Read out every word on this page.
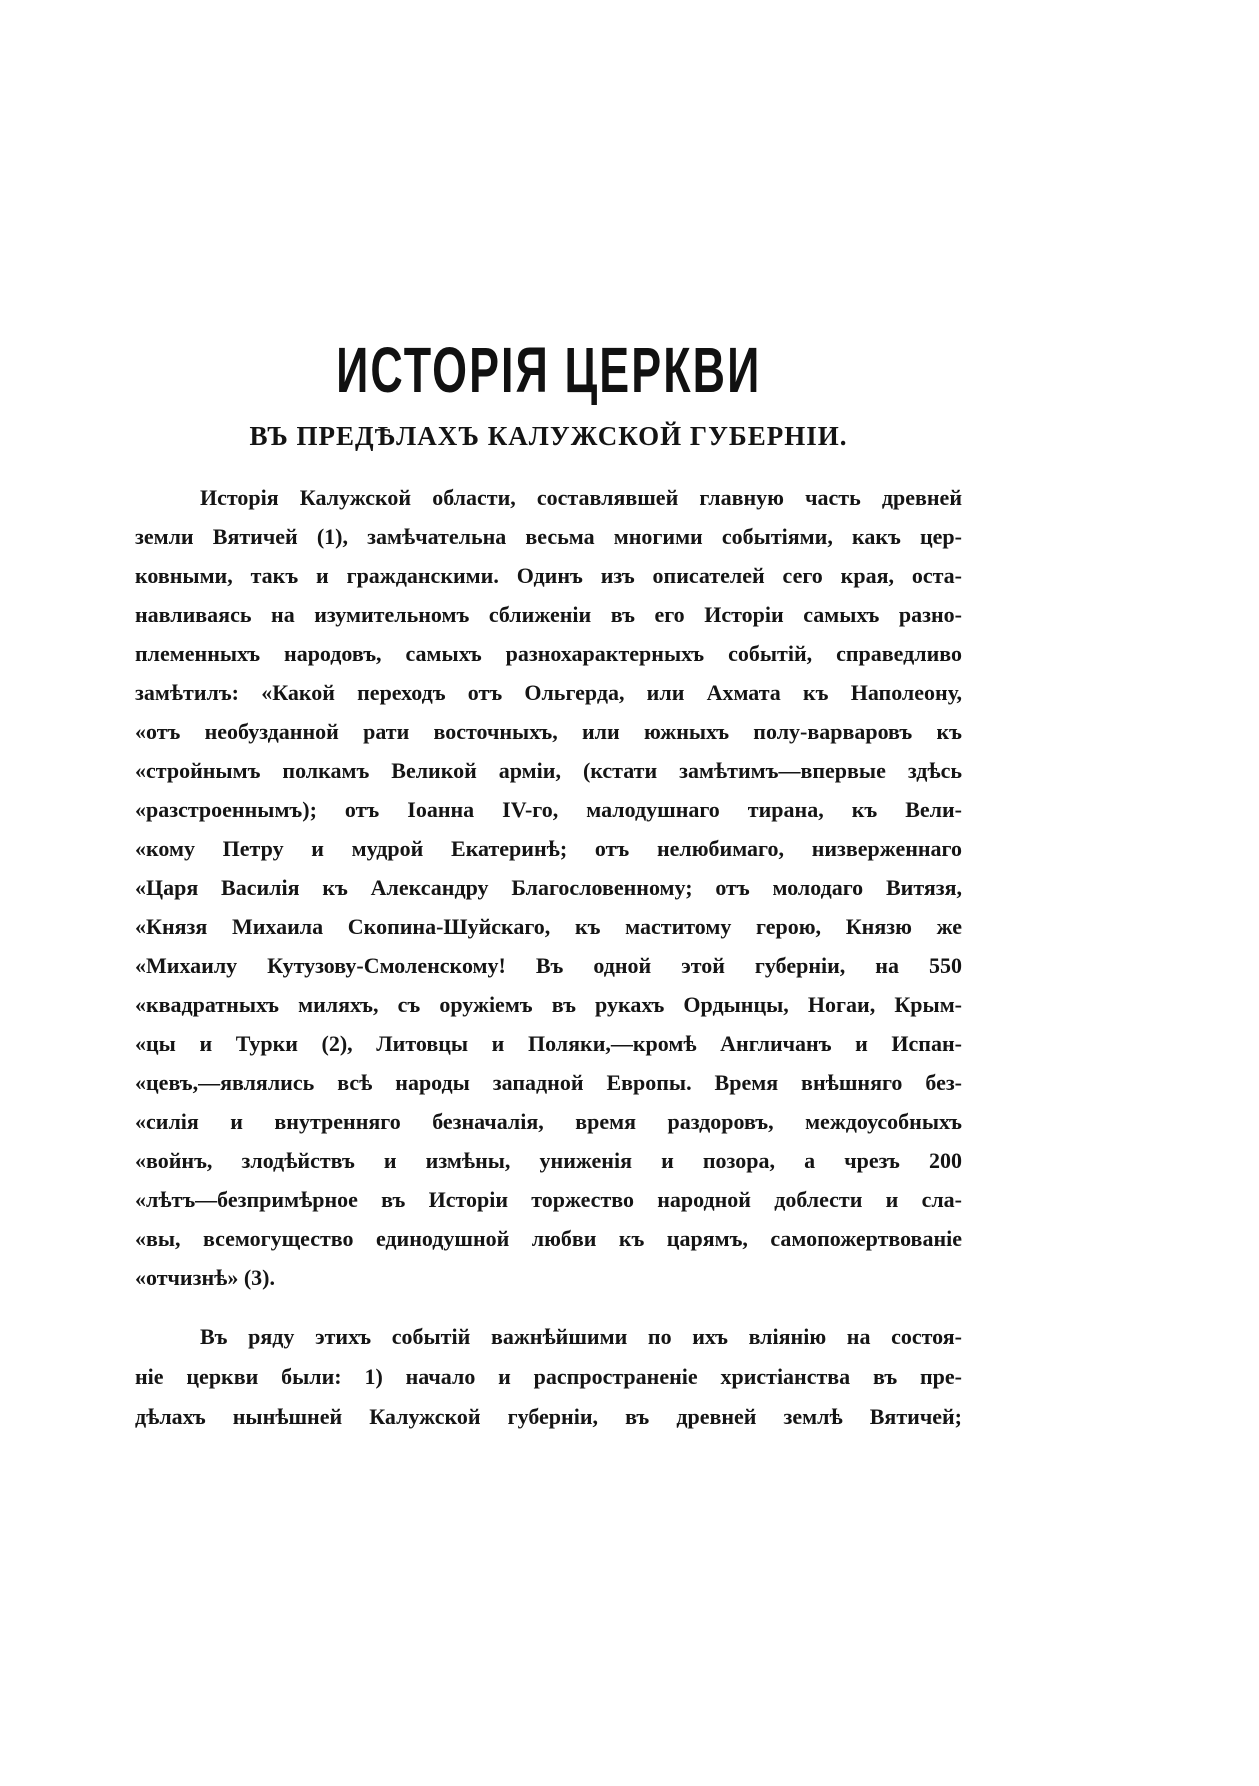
ИСТОРІЯ ЦЕРКВИ
ВЪ ПРЕДѢЛАХЪ КАЛУЖСКОЙ ГУБЕРНІИ.
Исторія Калужской области, составлявшей главную часть древней
земли Вятичей (1), замѣчательна весьма многими событіями, какъ цер-
ковными, такъ и гражданскими. Одинъ изъ описателей сего края, оста-
навливаясь на изумительномъ сближеніи въ его Исторіи самыхъ разно-
племенныхъ народовъ, самыхъ разнохарактерныхъ событій, справедливо
замѣтилъ: «Какой переходъ отъ Ольгерда, или Ахмата къ Наполеону,
«отъ необузданной рати восточныхъ, или южныхъ полу-варваровъ къ
«стройнымъ полкамъ Великой арміи, (кстати замѣтимъ—впервые здѣсь
«разстроеннымъ); отъ Іоанна IV-го, малодушнаго тирана, къ Вели-
«кому Петру и мудрой Екатеринѣ; отъ нелюбимаго, низверженнаго
«Царя Василія къ Александру Благословенному; отъ молодаго Витязя,
«Князя Михаила Скопина-Шуйскаго, къ маститому герою, Князю же
«Михаилу Кутузову-Смоленскому! Въ одной этой губерніи, на 550
«квадратныхъ миляхъ, съ оружіемъ въ рукахъ Ордынцы, Ногаи, Крым-
«цы и Турки (2), Литовцы и Поляки,—кромѣ Англичанъ и Испан-
«цевъ,—являлись всѣ народы западной Европы. Время внѣшняго без-
«силія и внутренняго безначалія, время раздоровъ, междоусобныхъ
«войнъ, злодѣйствъ и измѣны, униженія и позора, а чрезъ 200
«лѣтъ—безпримѣрное въ Исторіи торжество народной доблести и сла-
«вы, всемогущество единодушной любви къ царямъ, самопожертвованіе
«отчизнѣ» (3).
Въ ряду этихъ событій важнѣйшими по ихъ вліянію на состоя-
ніе церкви были: 1) начало и распространеніе христіанства въ пре-
дѣлахъ нынѣшней Калужской губерніи, въ древней землѣ Вятичей;
